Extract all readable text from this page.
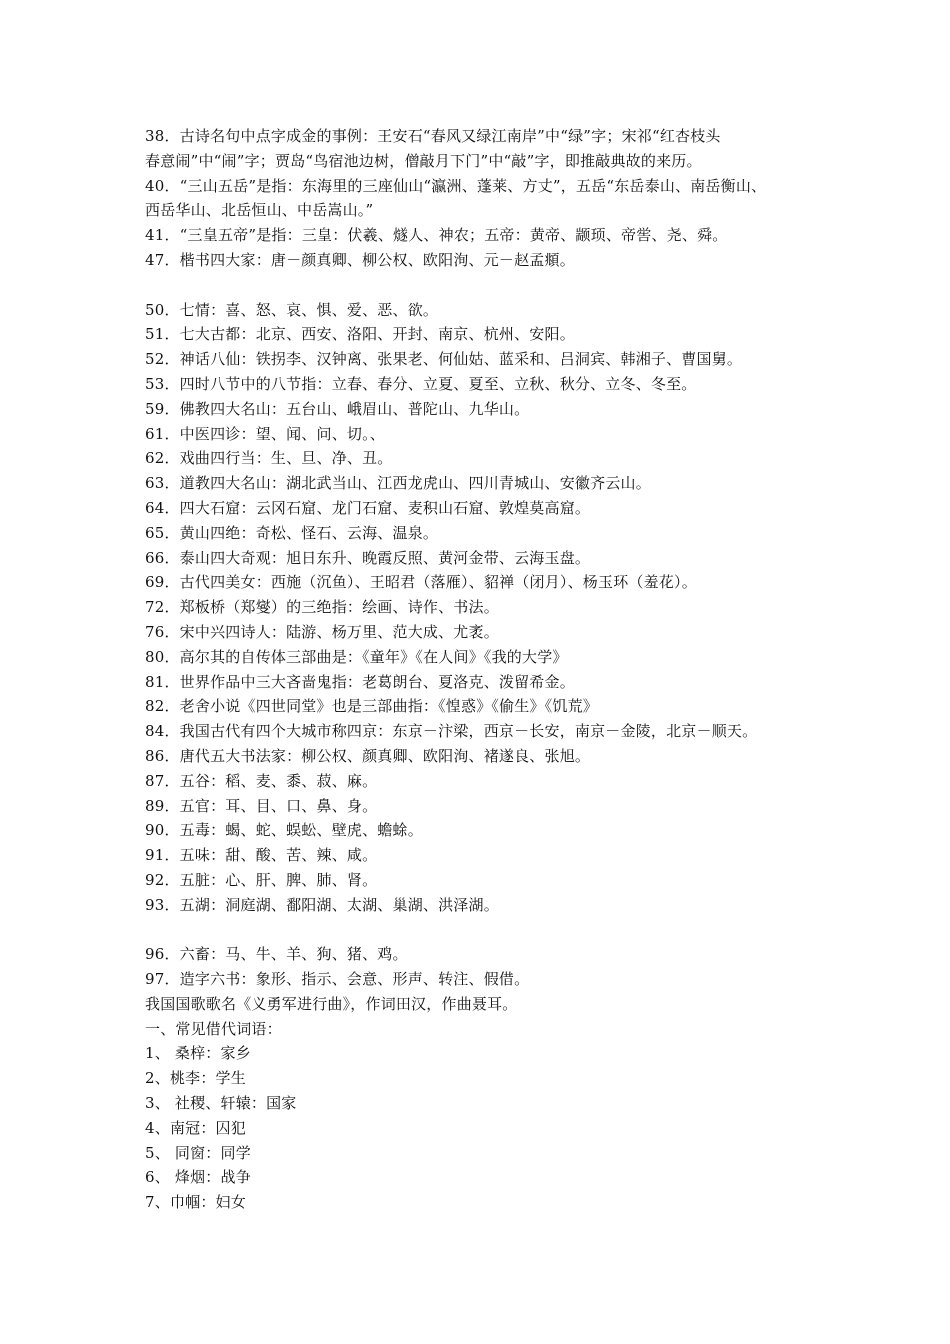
38．古诗名句中点字成金的事例：王安石“春风又绿江南岸”中“绿”字；宋祁“红杏枝头
春意闹”中“闹”字；贾岛“鸟宿池边树，僧敲月下门”中“敲”字，即推敲典故的来历。
40．“三山五岳”是指：东海里的三座仙山“瀛洲、蓬莱、方丈”，五岳“东岳泰山、南岳衡山、
西岳华山、北岳恒山、中岳嵩山。”
41．“三皇五帝”是指：三皇：伏羲、燧人、神农；五帝：黄帝、颛顼、帝喾、尧、舜。
47．楷书四大家：唐－颜真卿、柳公权、欧阳洵、元－赵孟頫。
50．七情：喜、怒、哀、惧、爱、恶、欲。
51．七大古都：北京、西安、洛阳、开封、南京、杭州、安阳。
52．神话八仙：铁拐李、汉钟离、张果老、何仙姑、蓝采和、吕洞宾、韩湘子、曹国舅。
53．四时八节中的八节指：立春、春分、立夏、夏至、立秋、秋分、立冬、冬至。
59．佛教四大名山：五台山、峨眉山、普陀山、九华山。
61．中医四诊：望、闻、问、切。、
62．戏曲四行当：生、旦、净、丑。
63．道教四大名山：湖北武当山、江西龙虎山、四川青城山、安徽齐云山。
64．四大石窟：云冈石窟、龙门石窟、麦积山石窟、敦煌莫高窟。
65．黄山四绝：奇松、怪石、云海、温泉。
66．泰山四大奇观：旭日东升、晚霞反照、黄河金带、云海玉盘。
69．古代四美女：西施（沉鱼）、王昭君（落雁）、貂禅（闭月）、杨玉环（羞花）。
72．郑板桥（郑燮）的三绝指：绘画、诗作、书法。
76．宋中兴四诗人：陆游、杨万里、范大成、尤袤。
80．高尔其的自传体三部曲是：《童年》《在人间》《我的大学》
81．世界作品中三大吝啬鬼指：老葛朗台、夏洛克、泼留希金。
82．老舍小说《四世同堂》也是三部曲指：《惶惑》《偷生》《饥荒》
84．我国古代有四个大城市称四京：东京－汴梁，西京－长安，南京－金陵，北京－顺天。
86．唐代五大书法家：柳公权、颜真卿、欧阳洵、褚遂良、张旭。
87．五谷：稻、麦、黍、菽、麻。
89．五官：耳、目、口、鼻、身。
90．五毒：蝎、蛇、蜈蚣、壁虎、蟾蜍。
91．五味：甜、酸、苦、辣、咸。
92．五脏：心、肝、脾、肺、肾。
93．五湖：洞庭湖、鄱阳湖、太湖、巢湖、洪泽湖。
96．六畜：马、牛、羊、狗、猪、鸡。
97．造字六书：象形、指示、会意、形声、转注、假借。
我国国歌歌名《义勇军进行曲》，作词田汉，作曲聂耳。
一、常见借代词语：
1、 桑梓：家乡
2、桃李：学生
3、 社稷、轩辕：国家
4、南冠：囚犯
5、 同窗：同学
6、 烽烟：战争
7、巾帼：妇女
